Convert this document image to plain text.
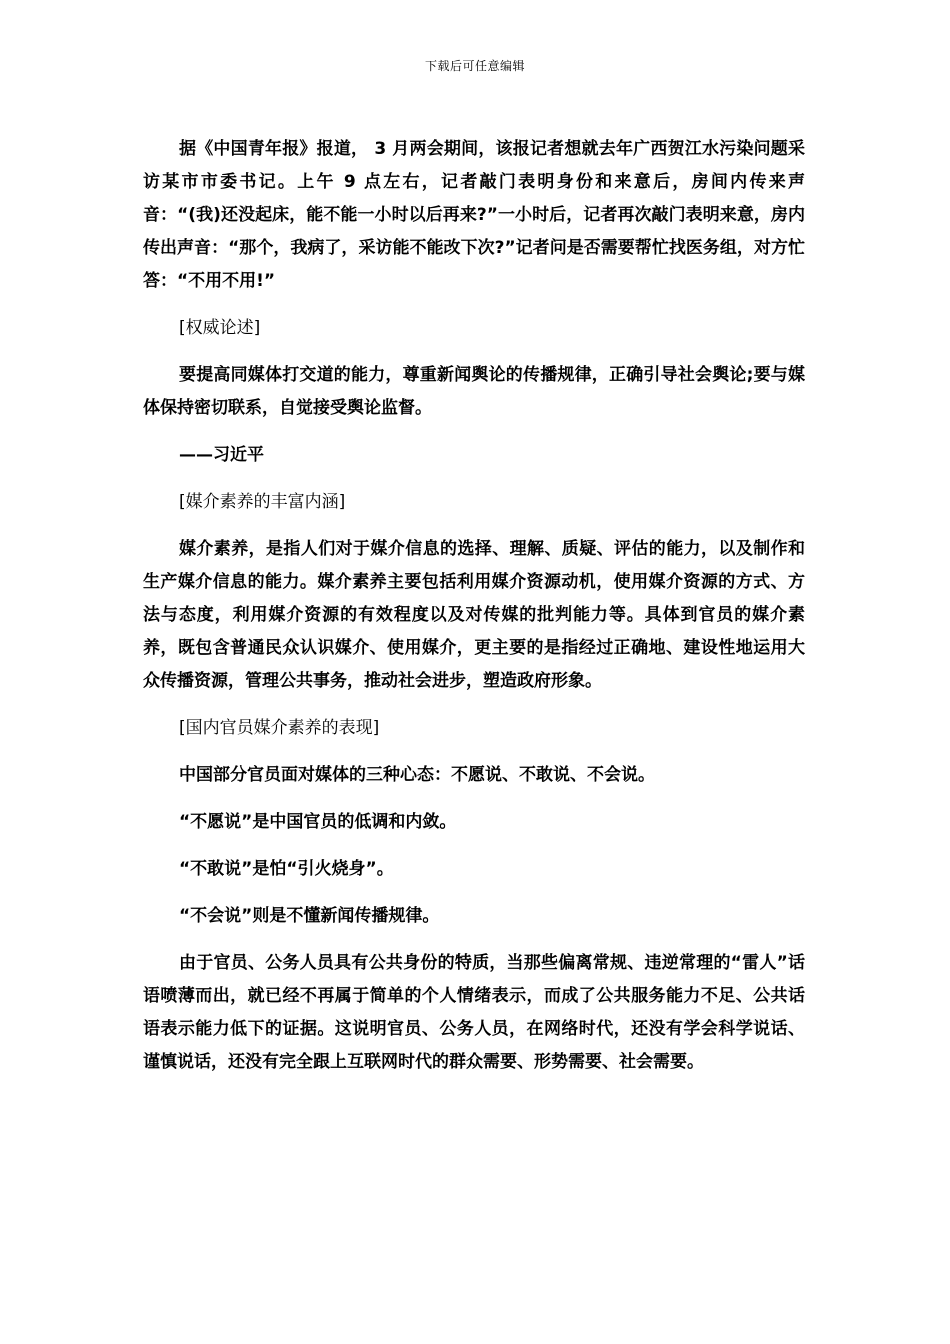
下载后可任意编辑

据《中国青年报》报道， 3 月两会期间，该报记者想就去年广西贺江水污染问题采访某市市委书记。上午 9 点左右，记者敲门表明身份和来意后，房间内传来声音：“(我)还没起床，能不能一小时以后再来?”一小时后，记者再次敲门表明来意，房内传出声音：“那个，我病了，采访能不能改下次?”记者问是否需要帮忙找医务组，对方忙答：“不用不用!”

[权威论述]

要提高同媒体打交道的能力，尊重新闻舆论的传播规律，正确引导社会舆论;要与媒体保持密切联系，自觉接受舆论监督。

——习近平

[媒介素养的丰富内涵]

媒介素养，是指人们对于媒介信息的选择、理解、质疑、评估的能力，以及制作和生产媒介信息的能力。媒介素养主要包括利用媒介资源动机，使用媒介资源的方式、方法与态度，利用媒介资源的有效程度以及对传媒的批判能力等。具体到官员的媒介素养，既包含普通民众认识媒介、使用媒介，更主要的是指经过正确地、建设性地运用大众传播资源，管理公共事务，推动社会进步，塑造政府形象。

[国内官员媒介素养的表现]

中国部分官员面对媒体的三种心态：不愿说、不敢说、不会说。

“不愿说”是中国官员的低调和内敛。

“不敢说”是怕“引火烧身”。

“不会说”则是不懂新闻传播规律。

由于官员、公务人员具有公共身份的特质，当那些偏离常规、违逆常理的“雷人”话语喷薄而出，就已经不再属于简单的个人情绪表示，而成了公共服务能力不足、公共话语表示能力低下的证据。这说明官员、公务人员，在网络时代，还没有学会科学说话、谨慎说话，还没有完全跟上互联网时代的群众需要、形势需要、社会需要。
